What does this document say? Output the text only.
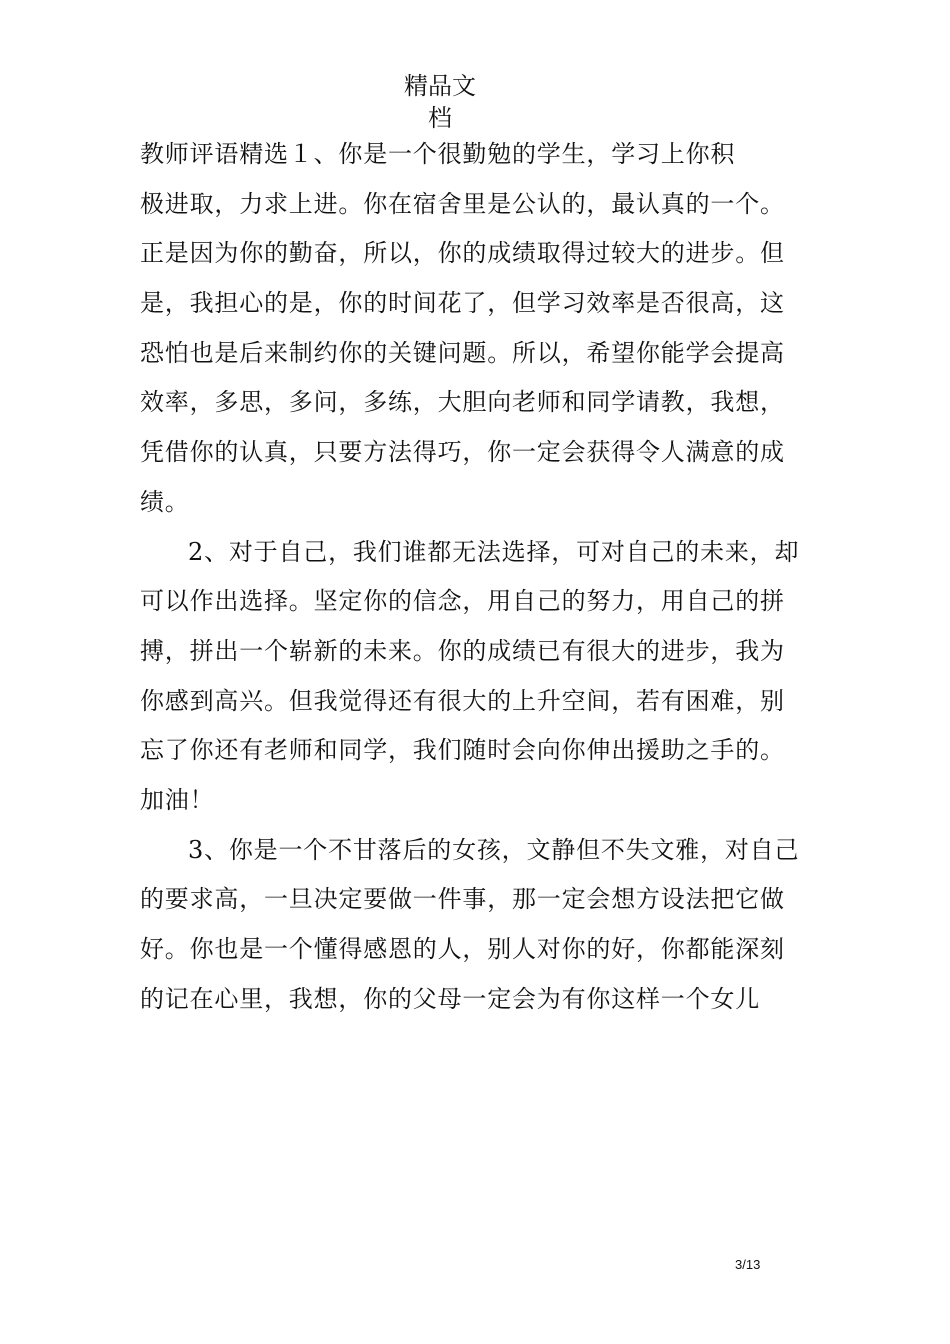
精品文
档
教师评语精选１、你是一个很勤勉的学生，学习上你积
极进取，力求上进。你在宿舍里是公认的，最认真的一个。
正是因为你的勤奋，所以，你的成绩取得过较大的进步。但
是，我担心的是，你的时间花了，但学习效率是否很高，这
恐怕也是后来制约你的关键问题。所以，希望你能学会提高
效率，多思，多问，多练，大胆向老师和同学请教，我想，
凭借你的认真，只要方法得巧，你一定会获得令人满意的成
绩。
2、对于自己，我们谁都无法选择，可对自己的未来，却
可以作出选择。坚定你的信念，用自己的努力，用自己的拼
搏，拼出一个崭新的未来。你的成绩已有很大的进步，我为
你感到高兴。但我觉得还有很大的上升空间，若有困难，别
忘了你还有老师和同学，我们随时会向你伸出援助之手的。
加油！
3、你是一个不甘落后的女孩，文静但不失文雅，对自己
的要求高，一旦决定要做一件事，那一定会想方设法把它做
好。你也是一个懂得感恩的人，别人对你的好，你都能深刻
的记在心里，我想，你的父母一定会为有你这样一个女儿
3/13
